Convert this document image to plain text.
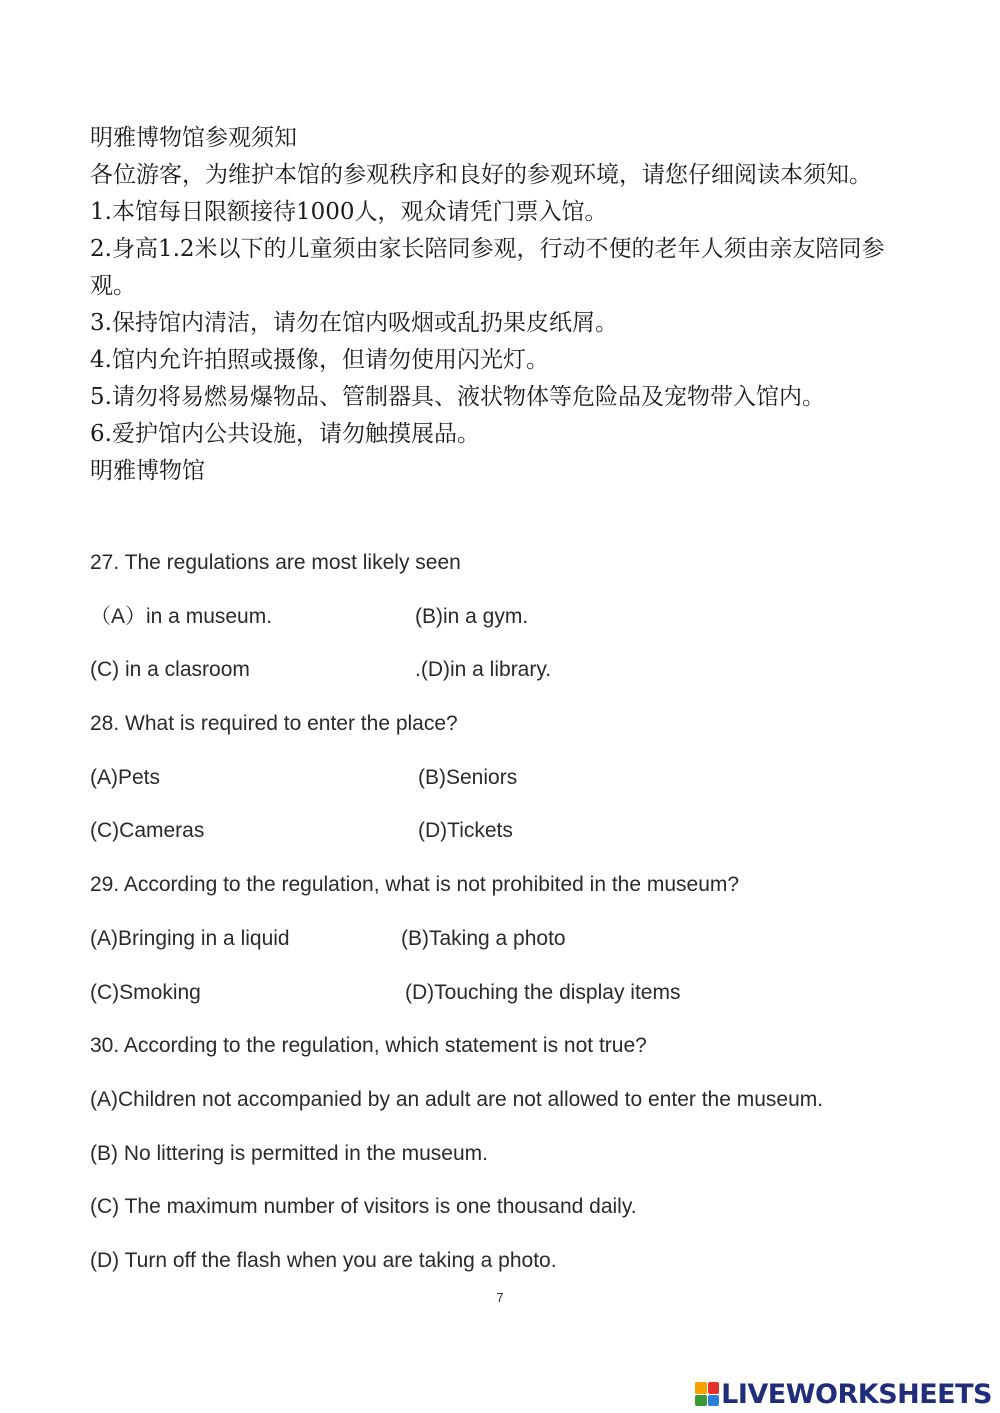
明雅博物馆参观须知
各位游客，为维护本馆的参观秩序和良好的参观环境，请您仔细阅读本须知。
1.本馆每日限额接待1000人，观众请凭门票入馆。
2.身高1.2米以下的儿童须由家长陪同参观，行动不便的老年人须由亲友陪同参观。
3.保持馆内清洁，请勿在馆内吸烟或乱扔果皮纸屑。
4.馆内允许拍照或摄像，但请勿使用闪光灯。
5.请勿将易燃易爆物品、管制器具、液状物体等危险品及宠物带入馆内。
6.爱护馆内公共设施，请勿触摸展品。
明雅博物馆
27. The regulations are most likely seen
（A）in a museum.	(B)in a gym.
(C) in a clasroom	.(D)in a library.
28. What is required to enter the place?
(A)Pets	(B)Seniors
(C)Cameras	(D)Tickets
29. According to the regulation, what is not prohibited in the museum?
(A)Bringing in a liquid	(B)Taking a photo
(C)Smoking	(D)Touching the display items
30. According to the regulation, which statement is not true?
(A)Children not accompanied by an adult are not allowed to enter the museum.
(B) No littering is permitted in the museum.
(C) The maximum number of visitors is one thousand daily.
(D) Turn off the flash when you are taking a photo.
7
LIVEWORKSHEETS
